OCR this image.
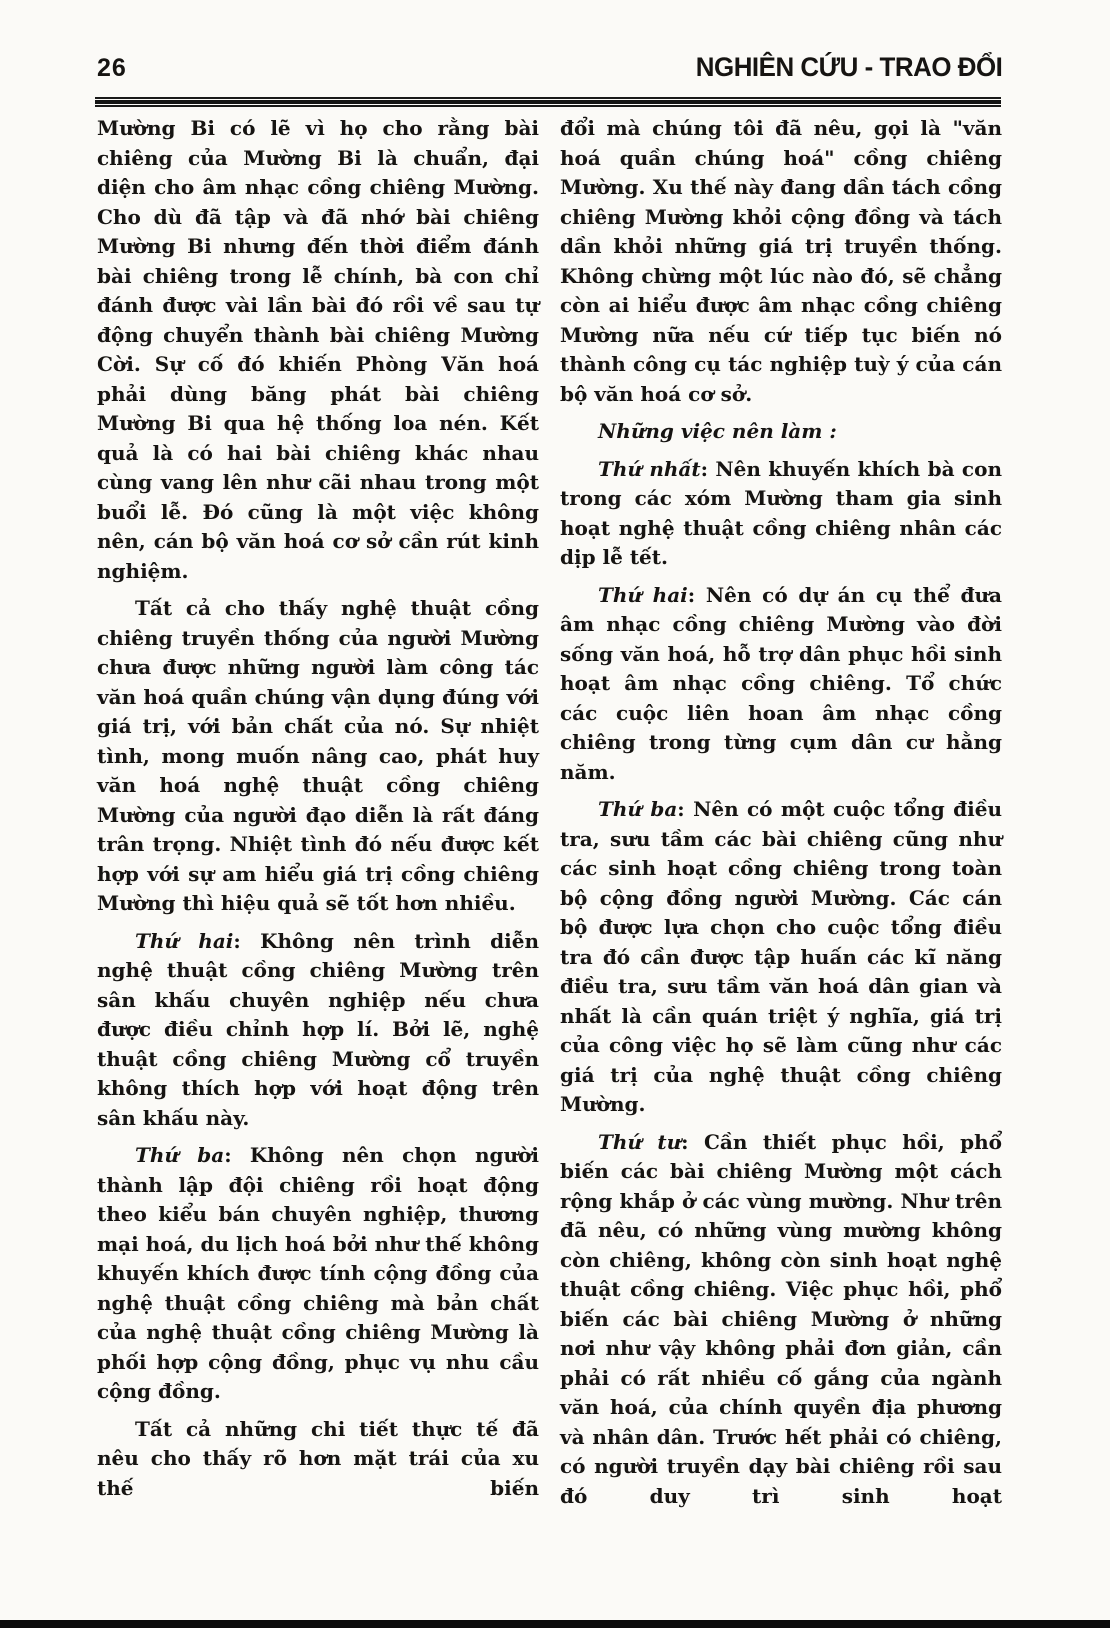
26	NGHIÊN CỨU - TRAO ĐỔI

Mường Bi có lẽ vì họ cho rằng bài chiêng của Mường Bi là chuẩn, đại diện cho âm nhạc cồng chiêng Mường. Cho dù đã tập và đã nhớ bài chiêng Mường Bi nhưng đến thời điểm đánh bài chiêng trong lễ chính, bà con chỉ đánh được vài lần bài đó rồi về sau tự động chuyển thành bài chiêng Mường Cời. Sự cố đó khiến Phòng Văn hoá phải dùng băng phát bài chiêng Mường Bi qua hệ thống loa nén. Kết quả là có hai bài chiêng khác nhau cùng vang lên như cãi nhau trong một buổi lễ. Đó cũng là một việc không nên, cán bộ văn hoá cơ sở cần rút kinh nghiệm.

Tất cả cho thấy nghệ thuật cồng chiêng truyền thống của người Mường chưa được những người làm công tác văn hoá quần chúng vận dụng đúng với giá trị, với bản chất của nó. Sự nhiệt tình, mong muốn nâng cao, phát huy văn hoá nghệ thuật cồng chiêng Mường của người đạo diễn là rất đáng trân trọng. Nhiệt tình đó nếu được kết hợp với sự am hiểu giá trị cồng chiêng Mường thì hiệu quả sẽ tốt hơn nhiều.

Thứ hai: Không nên trình diễn nghệ thuật cồng chiêng Mường trên sân khấu chuyên nghiệp nếu chưa được điều chỉnh hợp lí. Bởi lẽ, nghệ thuật cồng chiêng Mường cổ truyền không thích hợp với hoạt động trên sân khấu này.

Thứ ba: Không nên chọn người thành lập đội chiêng rồi hoạt động theo kiểu bán chuyên nghiệp, thương mại hoá, du lịch hoá bởi như thế không khuyến khích được tính cộng đồng của nghệ thuật cồng chiêng mà bản chất của nghệ thuật cồng chiêng Mường là phối hợp cộng đồng, phục vụ nhu cầu cộng đồng.

Tất cả những chi tiết thực tế đã nêu cho thấy rõ hơn mặt trái của xu thế biến

đổi mà chúng tôi đã nêu, gọi là "văn hoá quần chúng hoá" cồng chiêng Mường. Xu thế này đang dần tách cồng chiêng Mường khỏi cộng đồng và tách dần khỏi những giá trị truyền thống. Không chừng một lúc nào đó, sẽ chẳng còn ai hiểu được âm nhạc cồng chiêng Mường nữa nếu cứ tiếp tục biến nó thành công cụ tác nghiệp tuỳ ý của cán bộ văn hoá cơ sở.

Những việc nên làm :

Thứ nhất: Nên khuyến khích bà con trong các xóm Mường tham gia sinh hoạt nghệ thuật cồng chiêng nhân các dịp lễ tết.

Thứ hai: Nên có dự án cụ thể đưa âm nhạc cồng chiêng Mường vào đời sống văn hoá, hỗ trợ dân phục hồi sinh hoạt âm nhạc cồng chiêng. Tổ chức các cuộc liên hoan âm nhạc cồng chiêng trong từng cụm dân cư hằng năm.

Thứ ba: Nên có một cuộc tổng điều tra, sưu tầm các bài chiêng cũng như các sinh hoạt cồng chiêng trong toàn bộ cộng đồng người Mường. Các cán bộ được lựa chọn cho cuộc tổng điều tra đó cần được tập huấn các kĩ năng điều tra, sưu tầm văn hoá dân gian và nhất là cần quán triệt ý nghĩa, giá trị của công việc họ sẽ làm cũng như các giá trị của nghệ thuật cồng chiêng Mường.

Thứ tư: Cần thiết phục hồi, phổ biến các bài chiêng Mường một cách rộng khắp ở các vùng mường. Như trên đã nêu, có những vùng mường không còn chiêng, không còn sinh hoạt nghệ thuật cồng chiêng. Việc phục hồi, phổ biến các bài chiêng Mường ở những nơi như vậy không phải đơn giản, cần phải có rất nhiều cố gắng của ngành văn hoá, của chính quyền địa phương và nhân dân. Trước hết phải có chiêng, có người truyền dạy bài chiêng rồi sau đó duy trì sinh hoạt
